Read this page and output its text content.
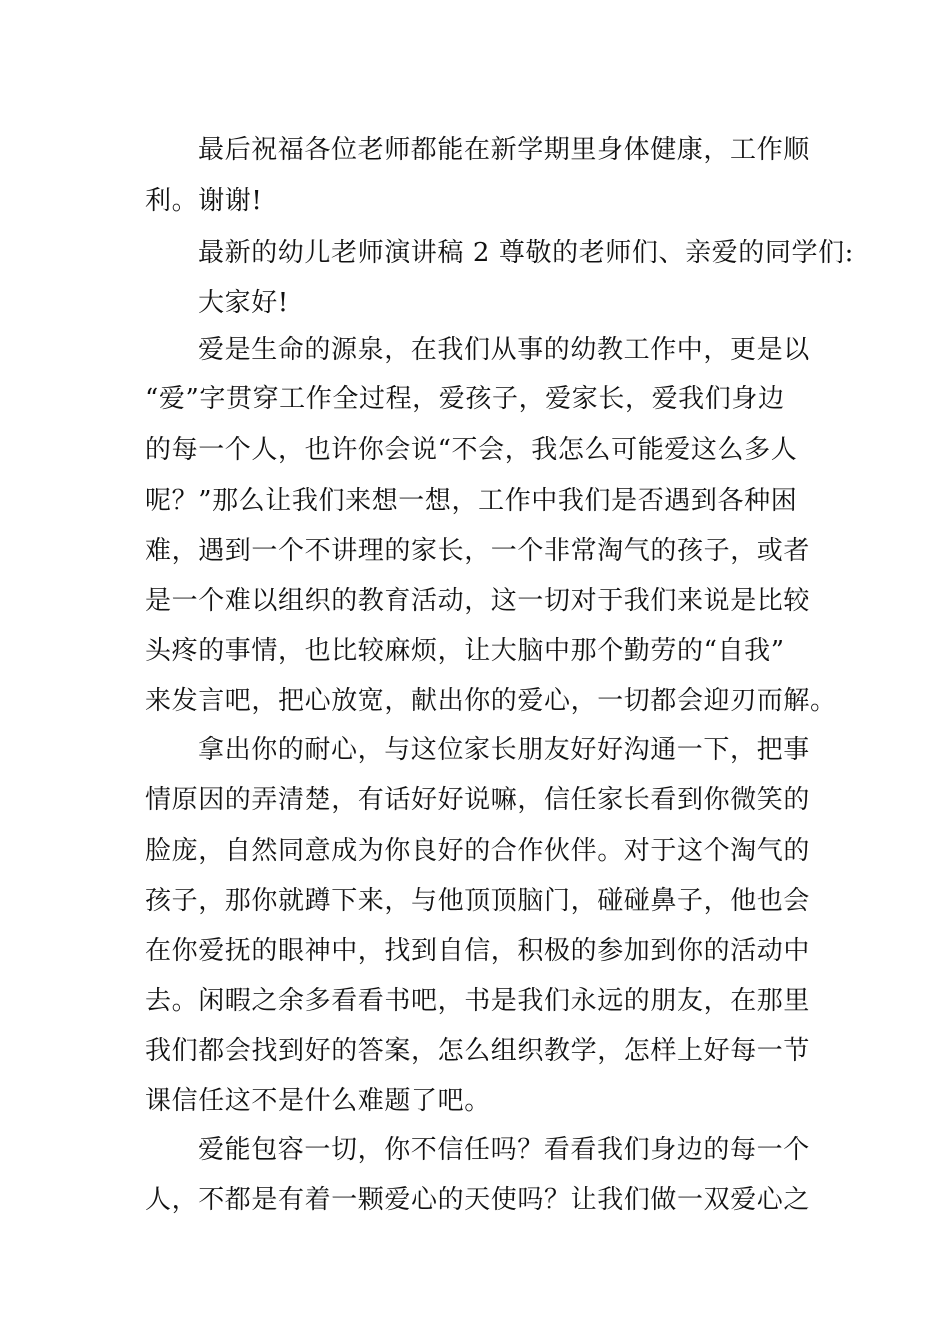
最后祝福各位老师都能在新学期里身体健康，工作顺
利。谢谢!
最新的幼儿老师演讲稿 2 尊敬的老师们、亲爱的同学们:
大家好!
爱是生命的源泉，在我们从事的幼教工作中，更是以
“爱”字贯穿工作全过程，爱孩子，爱家长，爱我们身边
的每一个人，也许你会说“不会，我怎么可能爱这么多人
呢？”那么让我们来想一想，工作中我们是否遇到各种困
难，遇到一个不讲理的家长，一个非常淘气的孩子，或者
是一个难以组织的教育活动，这一切对于我们来说是比较
头疼的事情，也比较麻烦，让大脑中那个勤劳的“自我”
来发言吧，把心放宽，献出你的爱心，一切都会迎刃而解。
拿出你的耐心，与这位家长朋友好好沟通一下，把事
情原因的弄清楚，有话好好说嘛，信任家长看到你微笑的
脸庞，自然同意成为你良好的合作伙伴。对于这个淘气的
孩子，那你就蹲下来，与他顶顶脑门，碰碰鼻子，他也会
在你爱抚的眼神中，找到自信，积极的参加到你的活动中
去。闲暇之余多看看书吧，书是我们永远的朋友，在那里
我们都会找到好的答案，怎么组织教学，怎样上好每一节
课信任这不是什么难题了吧。
爱能包容一切，你不信任吗？看看我们身边的每一个
人，不都是有着一颗爱心的天使吗？让我们做一双爱心之
